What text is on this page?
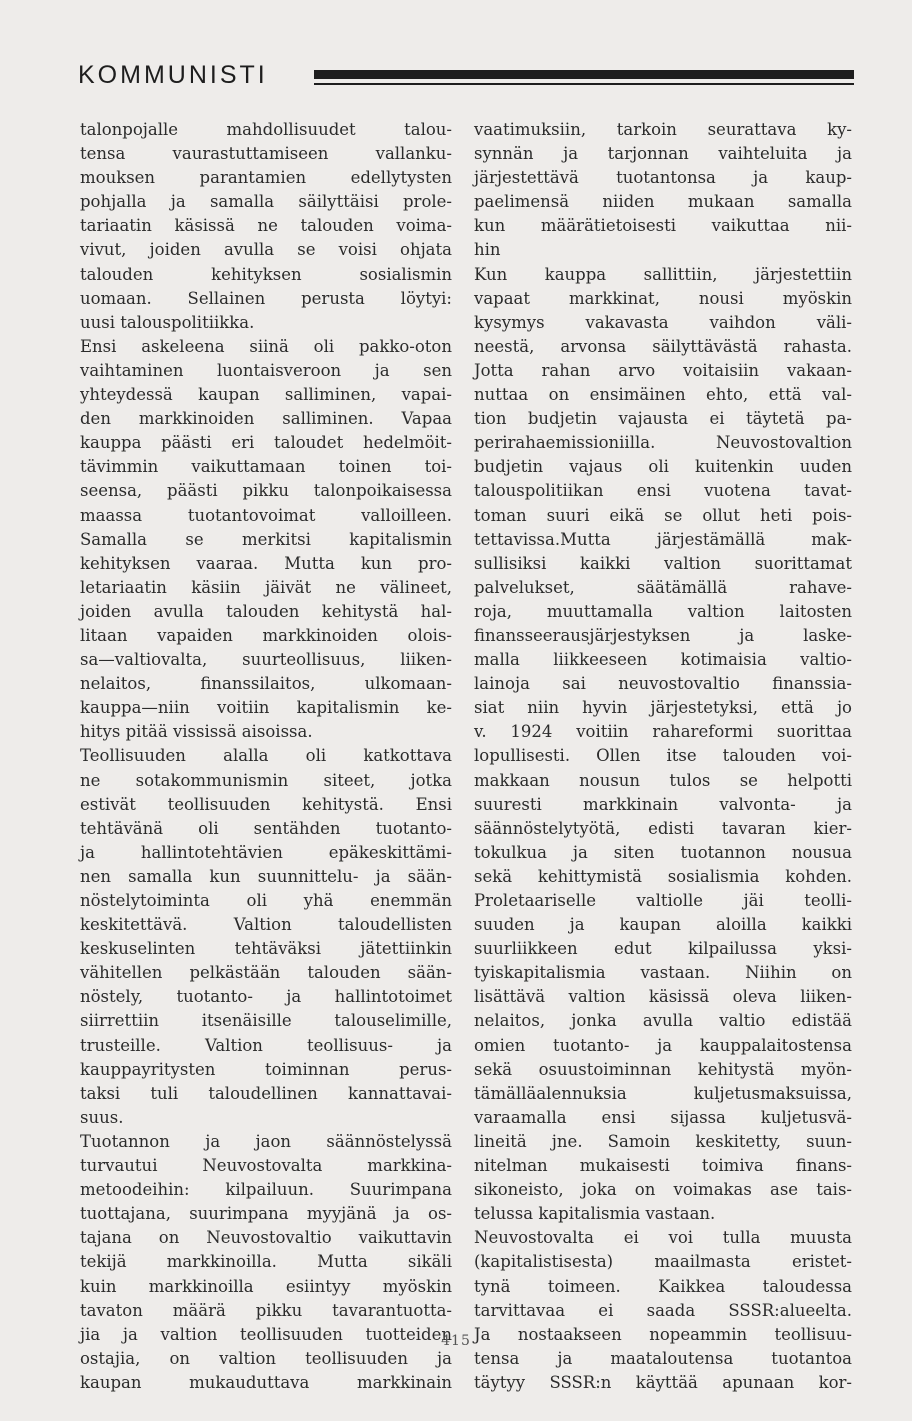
KOMMUNISTI
talonpojalle mahdollisuudet talou-
tensa vaurastuttamiseen vallanku-
mouksen parantamien edellytysten
pohjalla ja samalla säilyttäisi prole-
tariaatin käsissä ne talouden voima-
vivut, joiden avulla se voisi ohjata
talouden kehityksen sosialismin
uomaan. Sellainen perusta löytyi:
uusi talouspolitiikka.
Ensi askeleena siinä oli pakko-oton
vaihtaminen luontaisveroon ja sen
yhteydessä kaupan salliminen, vapai-
den markkinoiden salliminen. Vapaa
kauppa päästi eri taloudet hedelmöit-
tävimmin vaikuttamaan toinen toi-
seensa, päästi pikku talonpoikaisessa
maassa tuotantovoimat valloilleen.
Samalla se merkitsi kapitalismin
kehityksen vaaraa. Mutta kun pro-
letariaatin käsiin jäivät ne välineet,
joiden avulla talouden kehitystä hal-
litaan vapaiden markkinoiden olois-
sa—valtiovalta, suurteollisuus, liiken-
nelaitos, finanssilaitos, ulkomaan-
kauppa—niin voitiin kapitalismin ke-
hitys pitää vississä aisoissa.
Teollisuuden alalla oli katkottava
ne sotakommunismin siteet, jotka
estivät teollisuuden kehitystä. Ensi
tehtävänä oli sentähden tuotanto-
ja hallintotehtävien epäkeskittämi-
nen samalla kun suunnittelu- ja sään-
nöstelytoiminta oli yhä enemmän
keskitettävä. Valtion taloudellisten
keskuselinten tehtäväksi jätettiinkin
vähitellen pelkästään talouden sään-
nöstely, tuotanto- ja hallintotoimet
siirrettiin itsenäisille talouselimille,
trusteille. Valtion teollisuus- ja
kauppayritysten toiminnan perus-
taksi tuli taloudellinen kannattavai-
suus.
Tuotannon ja jaon säännöstelyssä
turvautui Neuvostovalta markkina-
metoodeihin: kilpailuun. Suurimpana
tuottajana, suurimpana myyjänä ja os-
tajana on Neuvostovaltio vaikuttavin
tekijä markkinoilla. Mutta sikäli
kuin markkinoilla esiintyy myöskin
tavaton määrä pikku tavarantuotta-
jia ja valtion teollisuuden tuotteiden
ostajia, on valtion teollisuuden ja
kaupan mukauduttava markkinain
vaatimuksiin, tarkoin seurattava ky-
synnän ja tarjonnan vaihteluita ja
järjestettävä tuotantonsa ja kaup-
paelimensä niiden mukaan samalla
kun määrätietoisesti vaikuttaa nii-
hin
Kun kauppa sallittiin, järjestettiin
vapaat markkinat, nousi myöskin
kysymys vakavasta vaihdon väli-
neestä, arvonsa säilyttävästä rahasta.
Jotta rahan arvo voitaisiin vakaan-
nuttaa on ensimäinen ehto, että val-
tion budjetin vajausta ei täytetä pa-
perirahaemissioniilla. Neuvostovaltion
budjetin vajaus oli kuitenkin uuden
talouspolitiikan ensi vuotena tavat-
toman suuri eikä se ollut heti pois-
tettavissa.Mutta järjestämällä mak-
sullisiksi kaikki valtion suorittamat
palvelukset, säätämällä rahave-
roja, muuttamalla valtion laitosten
finansseerausjärjestyksen ja laske-
malla liikkeeseen kotimaisia valtio-
lainoja sai neuvostovaltio finanssia-
siat niin hyvin järjestetyksi, että jo
v. 1924 voitiin rahareformi suorittaa
lopullisesti. Ollen itse talouden voi-
makkaan nousun tulos se helpotti
suuresti markkinain valvonta- ja
säännöstelytyötä, edisti tavaran kier-
tokulkua ja siten tuotannon nousua
sekä kehittymistä sosialismia kohden.
Proletaariselle valtiolle jäi teolli-
suuden ja kaupan aloilla kaikki
suurliikkeen edut kilpailussa yksi-
tyiskapitalismia vastaan. Niihin on
lisättävä valtion käsissä oleva liiken-
nelaitos, jonka avulla valtio edistää
omien tuotanto- ja kauppalaitostensa
sekä osuustoiminnan kehitystä myön-
tämälläalennuksia kuljetusmaksuissa,
varaamalla ensi sijassa kuljetusvä-
lineitä jne. Samoin keskitetty, suun-
nitelman mukaisesti toimiva finans-
sikoneisto, joka on voimakas ase tais-
telussa kapitalismia vastaan.
Neuvostovalta ei voi tulla muusta
(kapitalistisesta) maailmasta eristet-
tynä toimeen. Kaikkea taloudessa
tarvittavaa ei saada SSSR:alueelta.
Ja nostaakseen nopeammin teollisuu-
tensa ja maataloutensa tuotantoa
täytyy SSSR:n käyttää apunaan kor-
415
